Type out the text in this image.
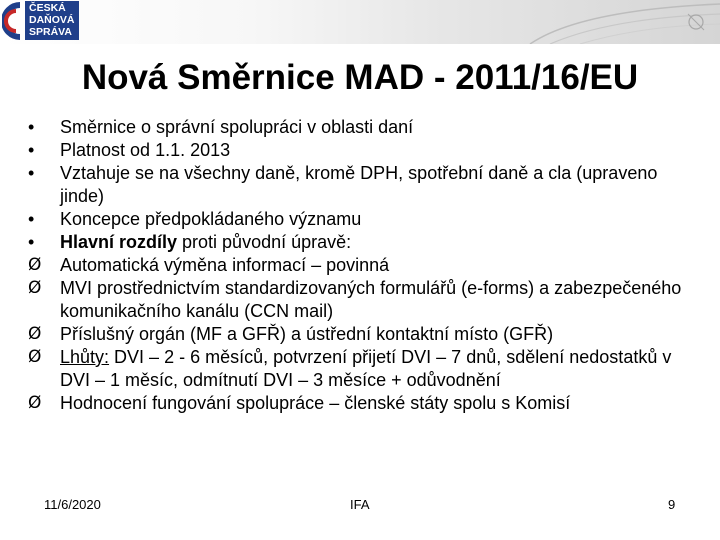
ČESKÁ
DAŇOVÁ
SPRÁVA
Nová Směrnice MAD - 2011/16/EU
•	Směrnice o správní spolupráci v oblasti daní
•	Platnost od 1.1. 2013
•	Vztahuje se na všechny daně, kromě DPH, spotřební daně a cla (upraveno jinde)
•	Koncepce předpokládaného významu
•	Hlavní rozdíly proti původní úpravě:
Ø	Automatická výměna informací – povinná
Ø	MVI prostřednictvím standardizovaných formulářů (e-forms) a zabezpečeného komunikačního kanálu (CCN mail)
Ø	Příslušný orgán (MF a GFŘ) a ústřední kontaktní místo (GFŘ)
Ø	Lhůty: DVI – 2 - 6 měsíců, potvrzení přijetí DVI – 7 dnů, sdělení nedostatků v DVI – 1 měsíc, odmítnutí DVI – 3 měsíce + odůvodnění
Ø	Hodnocení fungování spolupráce – členské státy spolu s Komisí
11/6/2020	IFA	9
